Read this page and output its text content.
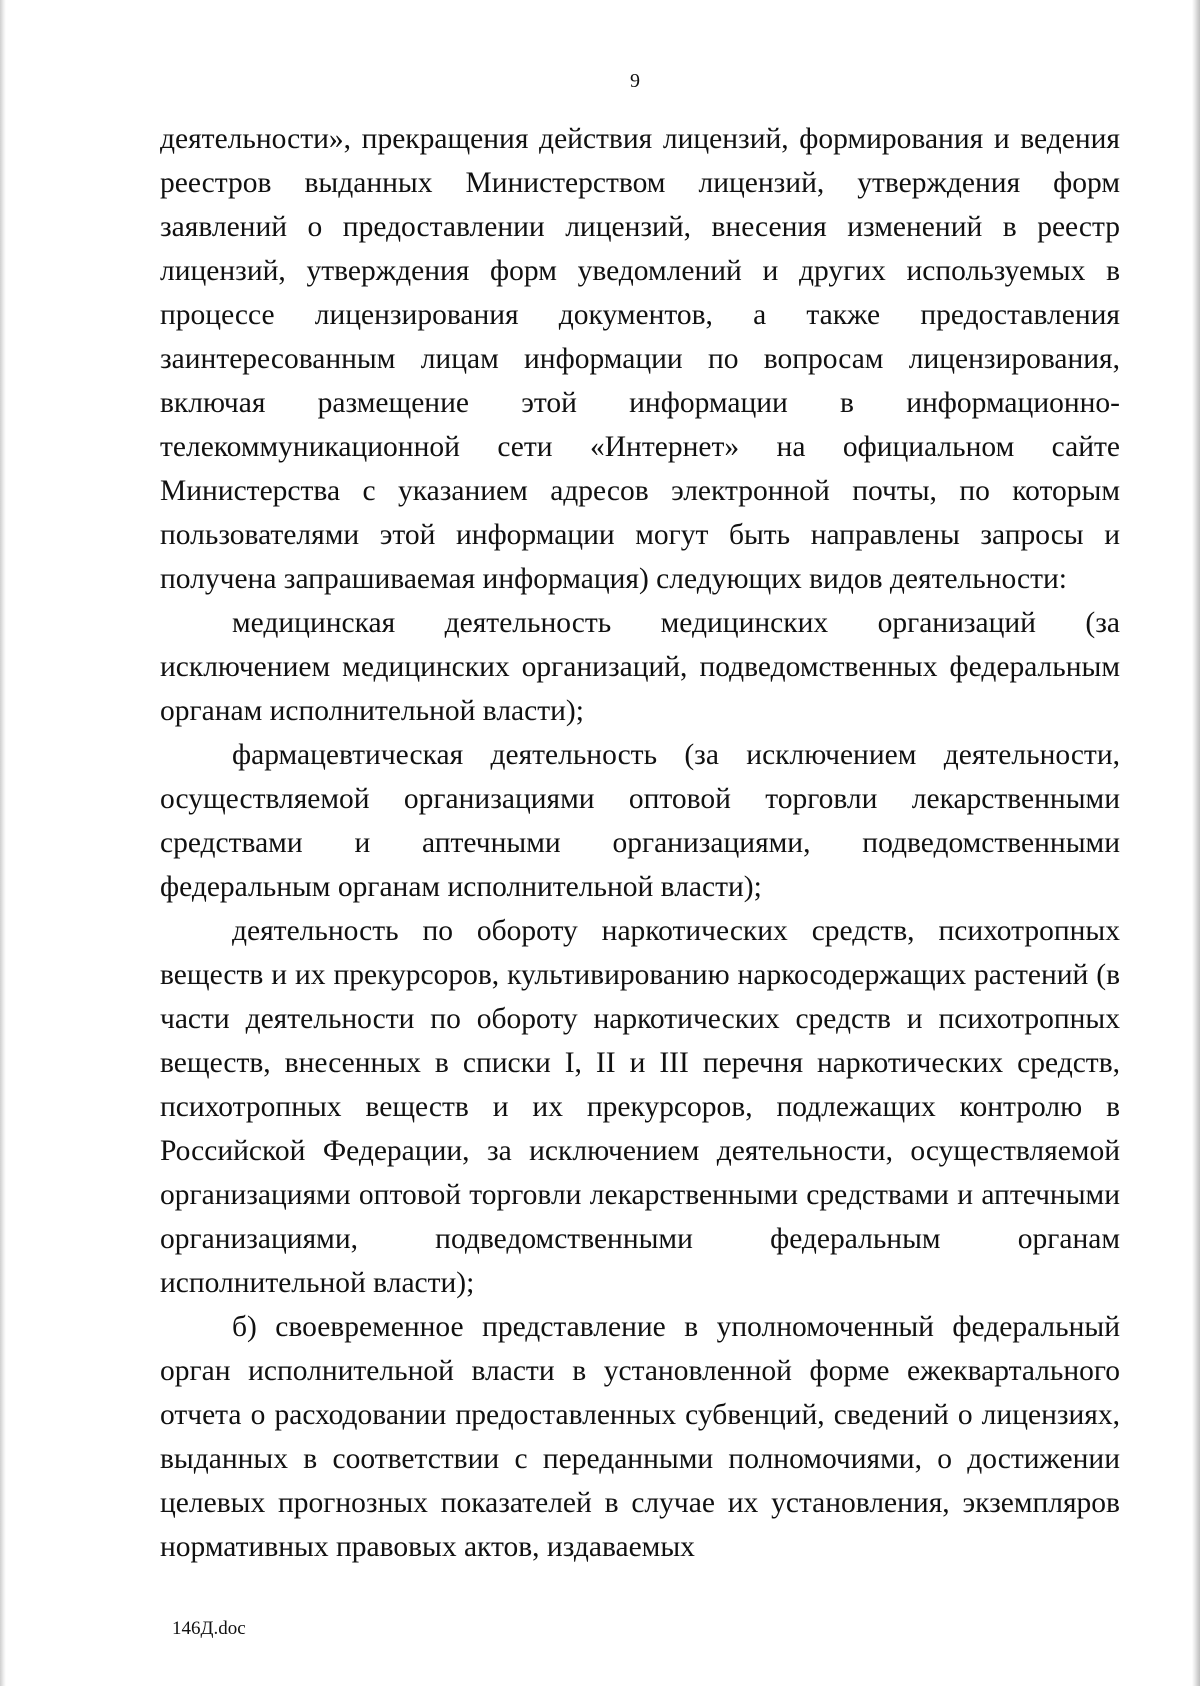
9

деятельности», прекращения действия лицензий, формирования и ведения реестров выданных Министерством лицензий, утверждения форм заявлений о предоставлении лицензий, внесения изменений в реестр лицензий, утверждения форм уведомлений и других используемых в процессе лицензирования документов, а также предоставления заинтересованным лицам информации по вопросам лицензирования, включая размещение этой информации в информационно-телекоммуникационной сети «Интернет» на официальном сайте Министерства с указанием адресов электронной почты, по которым пользователями этой информации могут быть направлены запросы и получена запрашиваемая информация) следующих видов деятельности:

медицинская деятельность медицинских организаций (за исключением медицинских организаций, подведомственных федеральным органам исполнительной власти);

фармацевтическая деятельность (за исключением деятельности, осуществляемой организациями оптовой торговли лекарственными средствами и аптечными организациями, подведомственными федеральным органам исполнительной власти);

деятельность по обороту наркотических средств, психотропных веществ и их прекурсоров, культивированию наркосодержащих растений (в части деятельности по обороту наркотических средств и психотропных веществ, внесенных в списки I, II и III перечня наркотических средств, психотропных веществ и их прекурсоров, подлежащих контролю в Российской Федерации, за исключением деятельности, осуществляемой организациями оптовой торговли лекарственными средствами и аптечными организациями, подведомственными федеральным органам исполнительной власти);

б) своевременное представление в уполномоченный федеральный орган исполнительной власти в установленной форме ежеквартального отчета о расходовании предоставленных субвенций, сведений о лицензиях, выданных в соответствии с переданными полномочиями, о достижении целевых прогнозных показателей в случае их установления, экземпляров нормативных правовых актов, издаваемых

146Д.doc
